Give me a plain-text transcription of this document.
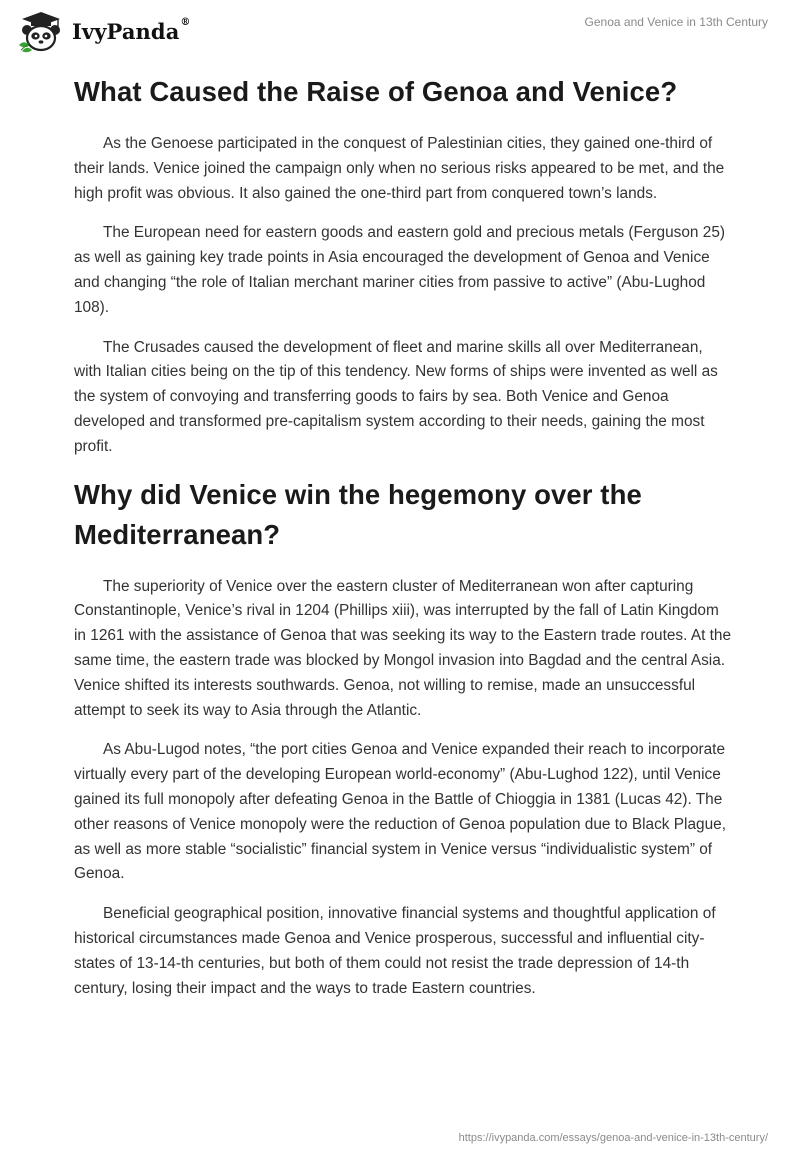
IvyPanda®	Genoa and Venice in 13th Century
What Caused the Raise of Genoa and Venice?

As the Genoese participated in the conquest of Palestinian cities, they gained one-third of their lands. Venice joined the campaign only when no serious risks appeared to be met, and the high profit was obvious. It also gained the one-third part from conquered town’s lands.

The European need for eastern goods and eastern gold and precious metals (Ferguson 25) as well as gaining key trade points in Asia encouraged the development of Genoa and Venice and changing “the role of Italian merchant mariner cities from passive to active” (Abu-Lughod 108).

The Crusades caused the development of fleet and marine skills all over Mediterranean, with Italian cities being on the tip of this tendency. New forms of ships were invented as well as the system of convoying and transferring goods to fairs by sea. Both Venice and Genoa developed and transformed pre-capitalism system according to their needs, gaining the most profit.

Why did Venice win the hegemony over the Mediterranean?

The superiority of Venice over the eastern cluster of Mediterranean won after capturing Constantinople, Venice’s rival in 1204 (Phillips xiii), was interrupted by the fall of Latin Kingdom in 1261 with the assistance of Genoa that was seeking its way to the Eastern trade routes. At the same time, the eastern trade was blocked by Mongol invasion into Bagdad and the central Asia. Venice shifted its interests southwards. Genoa, not willing to remise, made an unsuccessful attempt to seek its way to Asia through the Atlantic.

As Abu-Lugod notes, “the port cities Genoa and Venice expanded their reach to incorporate virtually every part of the developing European world-economy” (Abu-Lughod 122), until Venice gained its full monopoly after defeating Genoa in the Battle of Chioggia in 1381 (Lucas 42). The other reasons of Venice monopoly were the reduction of Genoa population due to Black Plague, as well as more stable “socialistic” financial system in Venice versus “individualistic system” of Genoa.

Beneficial geographical position, innovative financial systems and thoughtful application of historical circumstances made Genoa and Venice prosperous, successful and influential city-states of 13-14-th centuries, but both of them could not resist the trade depression of 14-th century, losing their impact and the ways to trade Eastern countries.

https://ivypanda.com/essays/genoa-and-venice-in-13th-century/
